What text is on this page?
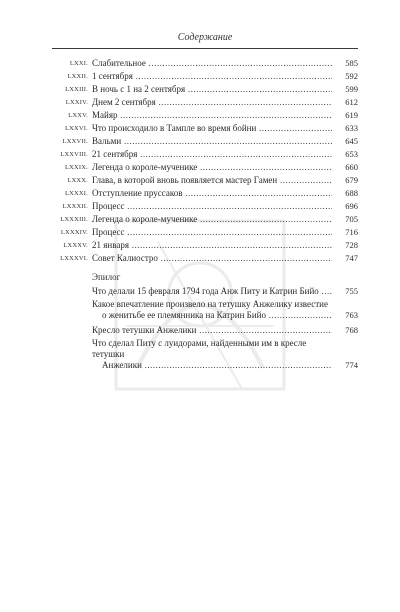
Содержание
LXXI. Слабительное .....	585
LXXII. 1 сентября .....	592
LXXIII. В ночь с 1 на 2 сентября .....	599
LXXIV. Днем 2 сентября .....	612
LXXV. Майяр .....	619
LXXVI. Что происходило в Тампле во время бойни .....	633
LXXVII. Вальми .....	645
LXXVIII. 21 сентября .....	653
LXXIX. Легенда о короле-мученике .....	660
LXXX. Глава, в которой вновь появляется мастер Гамен .....	679
LXXXI. Отступление пруссаков .....	688
LXXXII. Процесс .....	696
LXXXIII. Легенда о короле-мученике .....	705
LXXXIV. Процесс .....	716
LXXXV. 21 января .....	728
LXXXVI. Совет Калиостро .....	747
Эпилог
Что делали 15 февраля 1794 года Анж Питу и Катрин Бийо .....	755
Какое впечатление произвело на тетушку Анжелику известие
о женитьбе ее племянника на Катрин Бийо .....	763
Кресло тетушки Анжелики .....	768
Что сделал Питу с луидорами, найденными им в кресле тетушки
Анжелики .....	774
